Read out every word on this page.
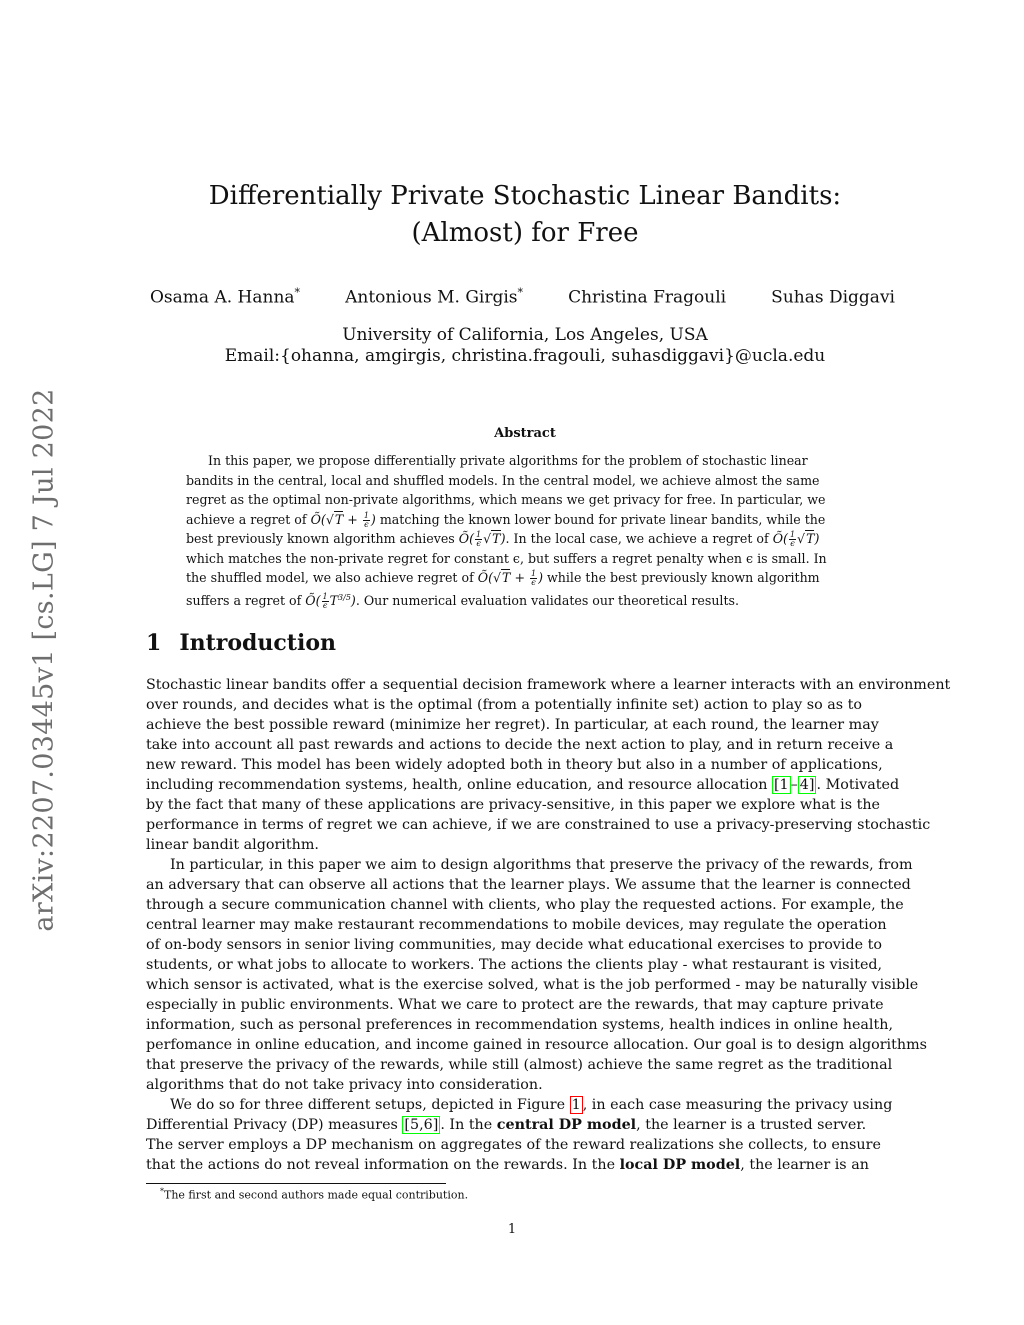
arXiv:2207.03445v1 [cs.LG] 7 Jul 2022
Differentially Private Stochastic Linear Bandits:
(Almost) for Free
Osama A. Hanna*	Antonious M. Girgis*	Christina Fragouli	Suhas Diggavi
University of California, Los Angeles, USA
Email:{ohanna, amgirgis, christina.fragouli, suhasdiggavi}@ucla.edu
Abstract
In this paper, we propose differentially private algorithms for the problem of stochastic linear
bandits in the central, local and shuffled models. In the central model, we achieve almost the same
regret as the optimal non-private algorithms, which means we get privacy for free. In particular, we
achieve a regret of Õ(√T + $\frac{1}{\epsilon}$ ) matching the known lower bound for private linear bandits, while the
best previously known algorithm achieves Õ( $\frac{1}{\epsilon} √T$). In the local case, we achieve a regret of Õ( $\frac{1}{\epsilon} √T$)
which matches the non-private regret for constant ϵ, but suffers a regret penalty when ϵ is small. In
the shuffled model, we also achieve regret of Õ(√T + $\frac{1}{\epsilon}$ ) while the best previously known algorithm
suffers a regret of Õ( $\frac{1}{\epsilon} T^{3/5}$). Our numerical evaluation validates our theoretical results.
1 Introduction
Stochastic linear bandits offer a sequential decision framework where a learner interacts with an environment
over rounds, and decides what is the optimal (from a potentially infinite set) action to play so as to
achieve the best possible reward (minimize her regret). In particular, at each round, the learner may
take into account all past rewards and actions to decide the next action to play, and in return receive a
new reward. This model has been widely adopted both in theory but also in a number of applications,
including recommendation systems, health, online education, and resource allocation [1 – 4] . Motivated
by the fact that many of these applications are privacy-sensitive, in this paper we explore what is the
performance in terms of regret we can achieve, if we are constrained to use a privacy-preserving stochastic
linear bandit algorithm.
In particular, in this paper we aim to design algorithms that preserve the privacy of the rewards, from
an adversary that can observe all actions that the learner plays. We assume that the learner is connected
through a secure communication channel with clients, who play the requested actions. For example, the
central learner may make restaurant recommendations to mobile devices, may regulate the operation
of on-body sensors in senior living communities, may decide what educational exercises to provide to
students, or what jobs to allocate to workers. The actions the clients play - what restaurant is visited,
which sensor is activated, what is the exercise solved, what is the job performed - may be naturally visible
especially in public environments. What we care to protect are the rewards, that may capture private
information, such as personal preferences in recommendation systems, health indices in online health,
perfomance in online education, and income gained in resource allocation. Our goal is to design algorithms
that preserve the privacy of the rewards, while still (almost) achieve the same regret as the traditional
algorithms that do not take privacy into consideration.
We do so for three different setups, depicted in Figure 1 , in each case measuring the privacy using
Differential Privacy (DP) measures [5,6] . In the central DP model, the learner is a trusted server.
The server employs a DP mechanism on aggregates of the reward realizations she collects, to ensure
that the actions do not reveal information on the rewards. In the local DP model, the learner is an
*The first and second authors made equal contribution.
1
